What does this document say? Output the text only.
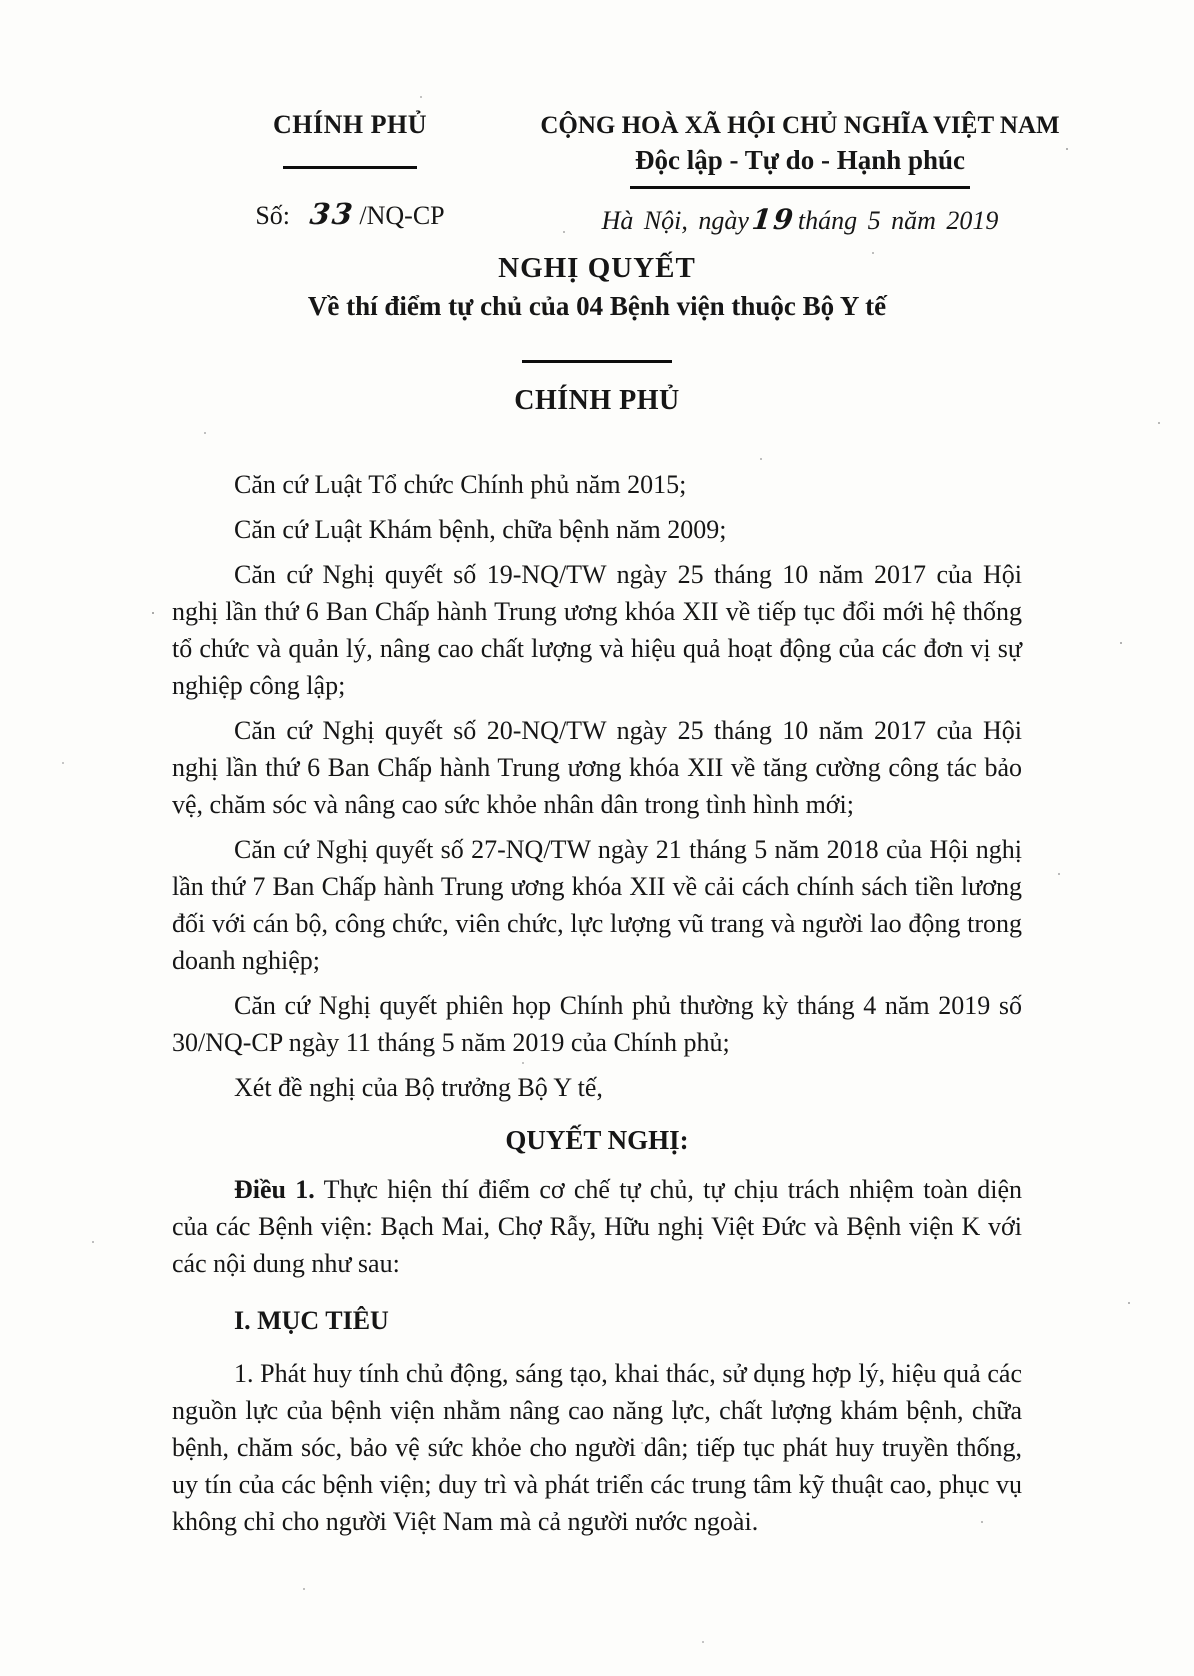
CHÍNH PHỦ
Số: 33 /NQ-CP
CỘNG HOÀ XÃ HỘI CHỦ NGHĨA VIỆT NAM
Độc lập - Tự do - Hạnh phúc
Hà Nội, ngày19tháng 5 năm 2019
NGHỊ QUYẾT
Về thí điểm tự chủ của 04 Bệnh viện thuộc Bộ Y tế
CHÍNH PHỦ

Căn cứ Luật Tổ chức Chính phủ năm 2015;

Căn cứ Luật Khám bệnh, chữa bệnh năm 2009;

Căn cứ Nghị quyết số 19-NQ/TW ngày 25 tháng 10 năm 2017 của Hội nghị lần thứ 6 Ban Chấp hành Trung ương khóa XII về tiếp tục đổi mới hệ thống tổ chức và quản lý, nâng cao chất lượng và hiệu quả hoạt động của các đơn vị sự nghiệp công lập;

Căn cứ Nghị quyết số 20-NQ/TW ngày 25 tháng 10 năm 2017 của Hội nghị lần thứ 6 Ban Chấp hành Trung ương khóa XII về tăng cường công tác bảo vệ, chăm sóc và nâng cao sức khỏe nhân dân trong tình hình mới;

Căn cứ Nghị quyết số 27-NQ/TW ngày 21 tháng 5 năm 2018 của Hội nghị lần thứ 7 Ban Chấp hành Trung ương khóa XII về cải cách chính sách tiền lương đối với cán bộ, công chức, viên chức, lực lượng vũ trang và người lao động trong doanh nghiệp;

Căn cứ Nghị quyết phiên họp Chính phủ thường kỳ tháng 4 năm 2019 số 30/NQ-CP ngày 11 tháng 5 năm 2019 của Chính phủ;

Xét đề nghị của Bộ trưởng Bộ Y tế,

QUYẾT NGHỊ:

Điều 1. Thực hiện thí điểm cơ chế tự chủ, tự chịu trách nhiệm toàn diện của các Bệnh viện: Bạch Mai, Chợ Rẫy, Hữu nghị Việt Đức và Bệnh viện K với các nội dung như sau:

I. MỤC TIÊU

1. Phát huy tính chủ động, sáng tạo, khai thác, sử dụng hợp lý, hiệu quả các nguồn lực của bệnh viện nhằm nâng cao năng lực, chất lượng khám bệnh, chữa bệnh, chăm sóc, bảo vệ sức khỏe cho người dân; tiếp tục phát huy truyền thống, uy tín của các bệnh viện; duy trì và phát triển các trung tâm kỹ thuật cao, phục vụ không chỉ cho người Việt Nam mà cả người nước ngoài.
